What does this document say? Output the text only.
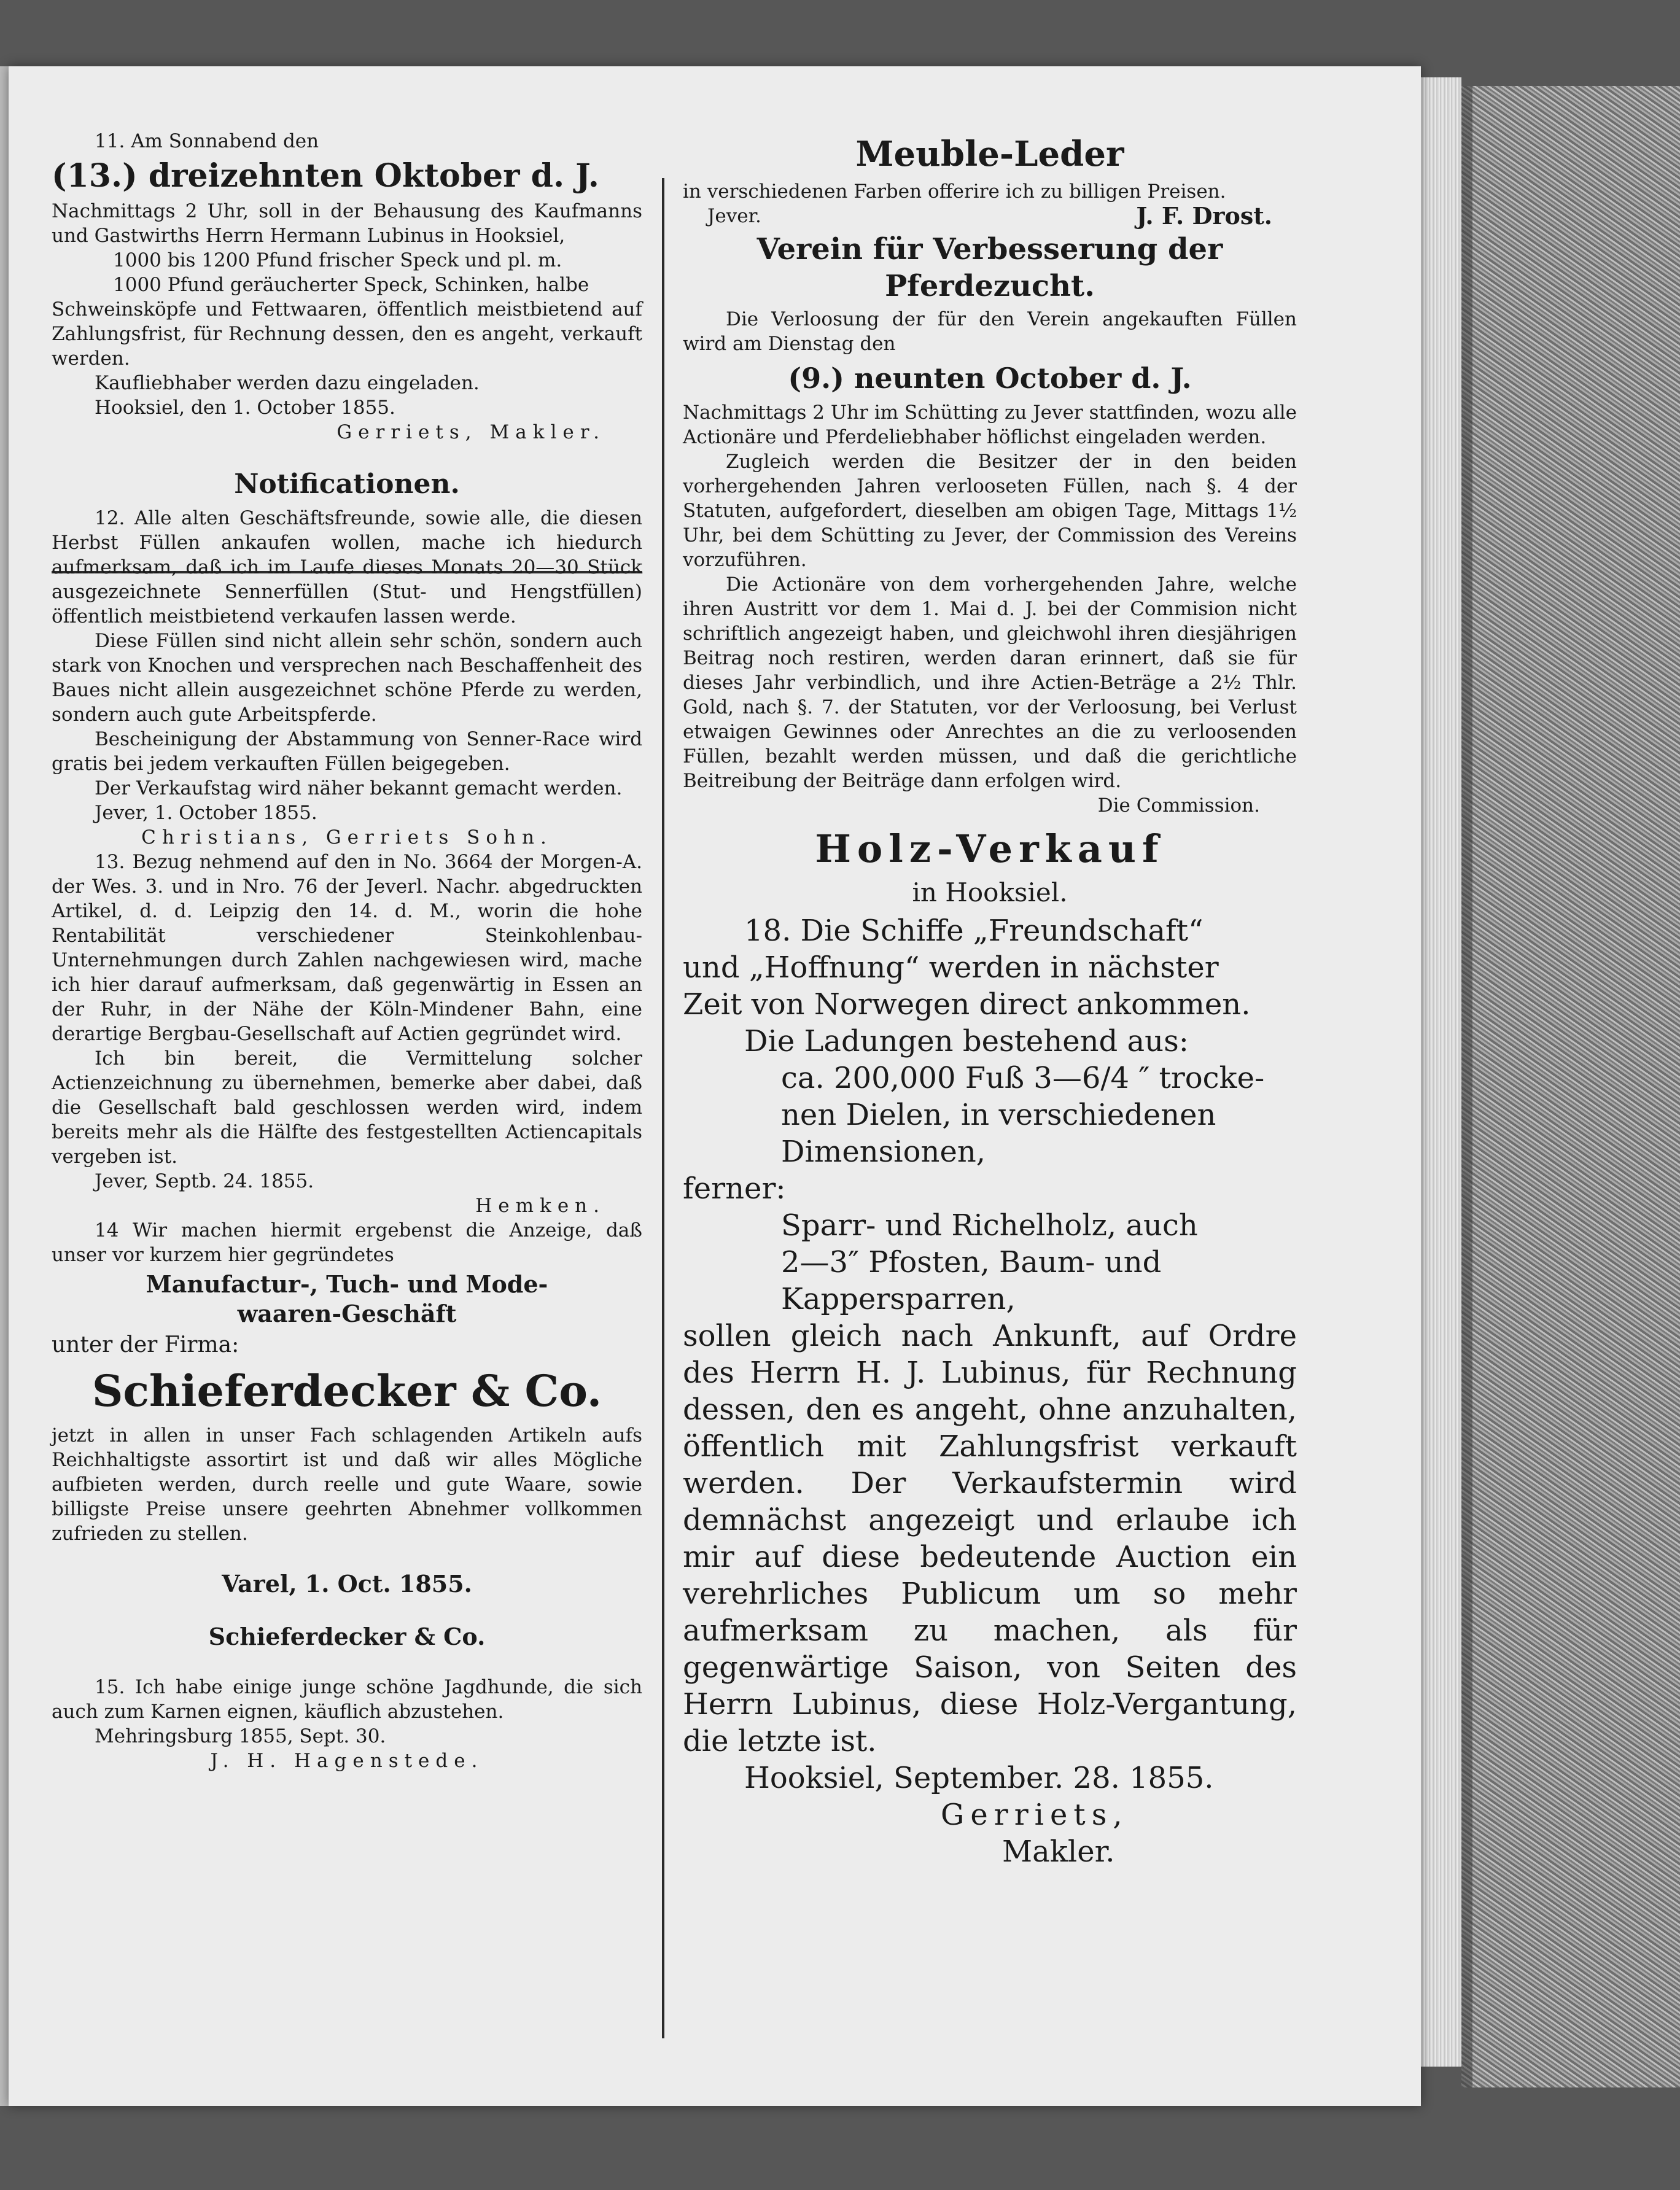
11. Am Sonnabend den

(13.) dreizehnten Oktober d. J.

Nachmittags 2 Uhr, soll in der Behausung des Kaufmanns und Gastwirths Herrn Hermann Lubinus in Hooksiel,

1000 bis 1200 Pfund frischer Speck und pl. m.

1000 Pfund geräucherter Speck, Schinken, halbe

Schweinsköpfe und Fettwaaren, öffentlich meistbietend auf Zahlungsfrist, für Rechnung dessen, den es angeht, verkauft werden.

Kaufliebhaber werden dazu eingeladen.

Hooksiel, den 1. October 1855.

Gerriets, Makler.

Notificationen.

12. Alle alten Geschäftsfreunde, sowie alle, die diesen Herbst Füllen ankaufen wollen, mache ich hiedurch aufmerksam, daß ich im Laufe dieses Monats 20—30 Stück ausgezeichnete Sennerfüllen (Stut- und Hengstfüllen) öffentlich meistbietend verkaufen lassen werde.

Diese Füllen sind nicht allein sehr schön, sondern auch stark von Knochen und versprechen nach Beschaffenheit des Baues nicht allein ausgezeichnet schöne Pferde zu werden, sondern auch gute Arbeitspferde.

Bescheinigung der Abstammung von Senner-Race wird gratis bei jedem verkauften Füllen beigegeben.

Der Verkaufstag wird näher bekannt gemacht werden.

Jever, 1. October 1855.

Christians, Gerriets Sohn.

13. Bezug nehmend auf den in No. 3664 der Morgen-A. der Wes. 3. und in Nro. 76 der Jeverl. Nachr. abgedruckten Artikel, d. d. Leipzig den 14. d. M., worin die hohe Rentabilität verschiedener Steinkohlenbau-Unternehmungen durch Zahlen nachgewiesen wird, mache ich hier darauf aufmerksam, daß gegenwärtig in Essen an der Ruhr, in der Nähe der Köln-Mindener Bahn, eine derartige Bergbau-Gesellschaft auf Actien gegründet wird.

Ich bin bereit, die Vermittelung solcher Actienzeichnung zu übernehmen, bemerke aber dabei, daß die Gesellschaft bald geschlossen werden wird, indem bereits mehr als die Hälfte des festgestellten Actiencapitals vergeben ist.

Jever, Septb. 24. 1855.

Hemken.

14 Wir machen hiermit ergebenst die Anzeige, daß unser vor kurzem hier gegründetes

Manufactur-, Tuch- und Mode-

waaren-Geschäft

unter der Firma:

Schieferdecker & Co.

jetzt in allen in unser Fach schlagenden Artikeln aufs Reichhaltigste assortirt ist und daß wir alles Mögliche aufbieten werden, durch reelle und gute Waare, sowie billigste Preise unsere geehrten Abnehmer vollkommen zufrieden zu stellen.

Varel, 1. Oct. 1855.

Schieferdecker & Co.

15. Ich habe einige junge schöne Jagdhunde, die sich auch zum Karnen eignen, käuflich abzustehen.

Mehringsburg 1855, Sept. 30.

J. H. Hagenstede.

Meuble-Leder

in verschiedenen Farben offerire ich zu billigen Preisen.

Jever.	J. F. Drost.

Verein für Verbesserung der

Pferdezucht.

Die Verloosung der für den Verein angekauften Füllen wird am Dienstag den

(9.) neunten October d. J.

Nachmittags 2 Uhr im Schütting zu Jever stattfinden, wozu alle Actionäre und Pferdeliebhaber höflichst eingeladen werden.

Zugleich werden die Besitzer der in den beiden vorhergehenden Jahren verlooseten Füllen, nach §. 4 der Statuten, aufgefordert, dieselben am obigen Tage, Mittags 1½ Uhr, bei dem Schütting zu Jever, der Commission des Vereins vorzuführen.

Die Actionäre von dem vorhergehenden Jahre, welche ihren Austritt vor dem 1. Mai d. J. bei der Commision nicht schriftlich angezeigt haben, und gleichwohl ihren diesjährigen Beitrag noch restiren, werden daran erinnert, daß sie für dieses Jahr verbindlich, und ihre Actien-Beträge a 2½ Thlr. Gold, nach §. 7. der Statuten, vor der Verloosung, bei Verlust etwaigen Gewinnes oder Anrechtes an die zu verloosenden Füllen, bezahlt werden müssen, und daß die gerichtliche Beitreibung der Beiträge dann erfolgen wird.

Die Commission.

Holz-Verkauf

in Hooksiel.

18. Die Schiffe „Freundschaft“

und „Hoffnung“ werden in nächster

Zeit von Norwegen direct ankommen.

Die Ladungen bestehend aus:

ca. 200,000 Fuß 3—6/4 ″ trocke-

nen Dielen, in verschiedenen

Dimensionen,

ferner:

Sparr- und Richelholz, auch

2—3″ Pfosten, Baum- und

Kappersparren,

sollen gleich nach Ankunft, auf Ordre des Herrn H. J. Lubinus, für Rechnung dessen, den es angeht, ohne anzuhalten, öffentlich mit Zahlungsfrist verkauft werden. Der Verkaufstermin wird demnächst angezeigt und erlaube ich mir auf diese bedeutende Auction ein verehrliches Publicum um so mehr aufmerksam zu machen, als für gegenwärtige Saison, von Seiten des Herrn Lubinus, diese Holz-Vergantung, die letzte ist.

Hooksiel, September. 28. 1855.

Gerriets,

Makler.
